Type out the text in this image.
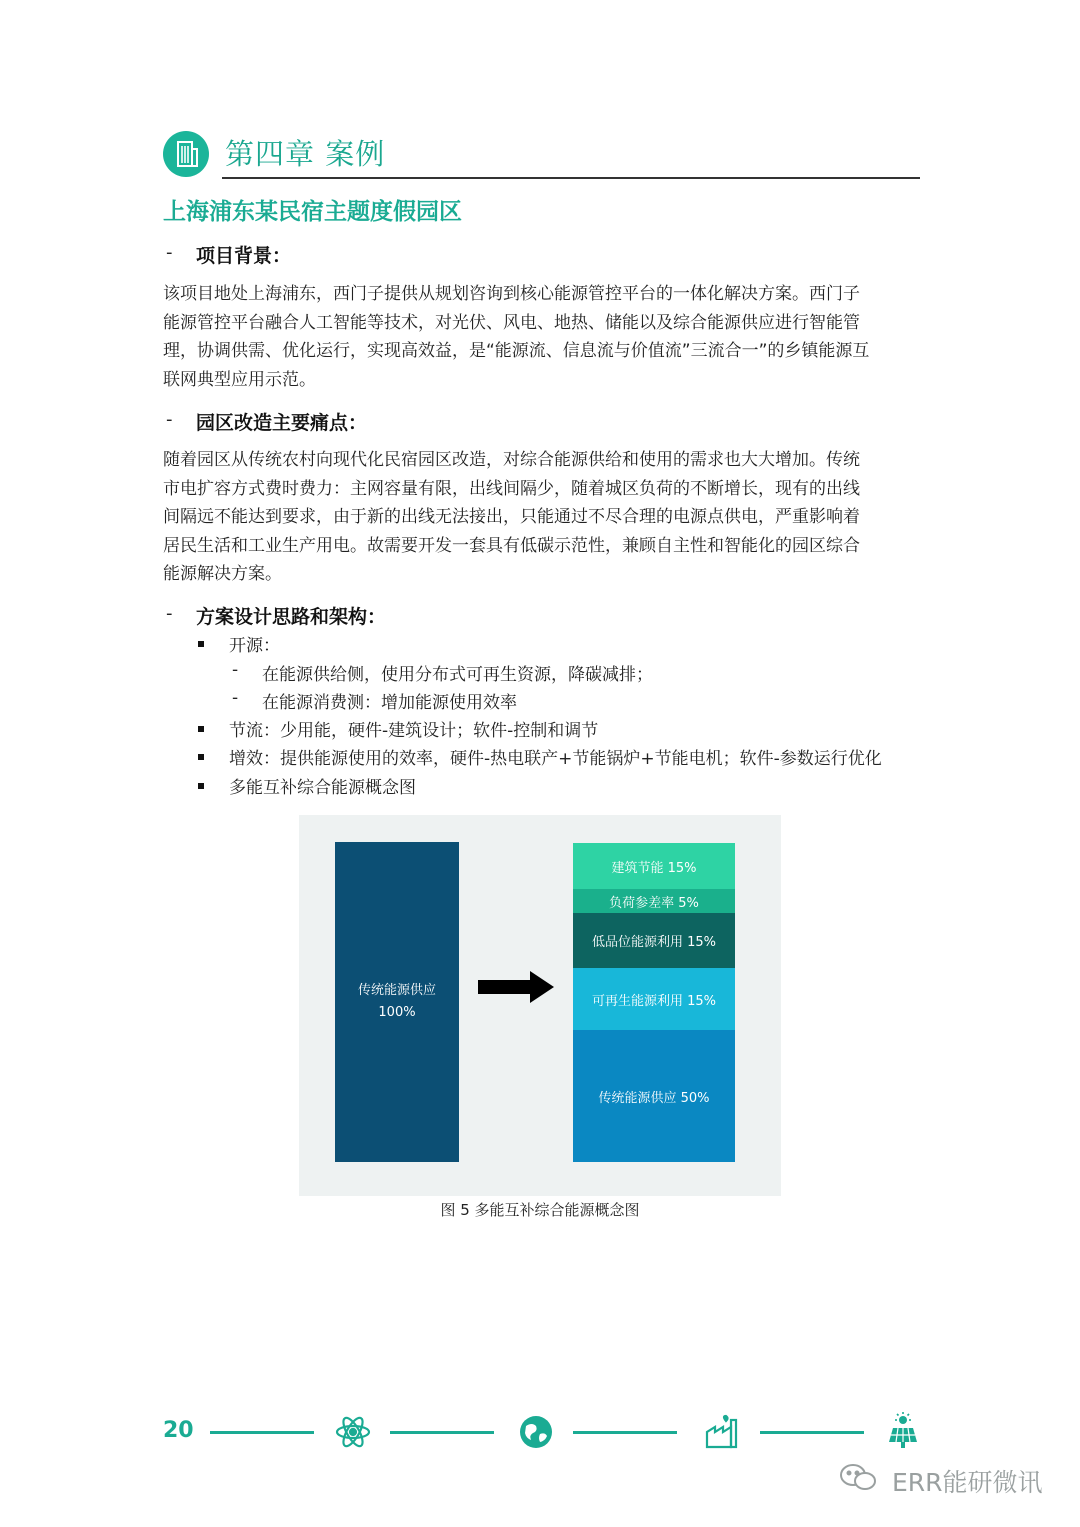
第四章 案例
上海浦东某民宿主题度假园区
- 项目背景：
该项目地处上海浦东，西门子提供从规划咨询到核心能源管控平台的一体化解决方案。西门子
能源管控平台融合人工智能等技术，对光伏、风电、地热、储能以及综合能源供应进行智能管
理，协调供需、优化运行，实现高效益，是“能源流、信息流与价值流”三流合一”的乡镇能源互
联网典型应用示范。
- 园区改造主要痛点：
随着园区从传统农村向现代化民宿园区改造，对综合能源供给和使用的需求也大大增加。传统
市电扩容方式费时费力：主网容量有限，出线间隔少，随着城区负荷的不断增长，现有的出线
间隔远不能达到要求，由于新的出线无法接出，只能通过不尽合理的电源点供电，严重影响着
居民生活和工业生产用电。故需要开发一套具有低碳示范性，兼顾自主性和智能化的园区综合
能源解决方案。
- 方案设计思路和架构：
开源：
- 在能源供给侧，使用分布式可再生资源，降碳减排；
- 在能源消费测：增加能源使用效率
节流：少用能，硬件-建筑设计；软件-控制和调节
增效：提供能源使用的效率，硬件-热电联产+节能锅炉+节能电机；软件-参数运行优化
多能互补综合能源概念图
传统能源供应
100%
建筑节能 15%
负荷参差率 5%
低品位能源利用 15%
可再生能源利用 15%
传统能源供应 50%
图 5 多能互补综合能源概念图
20
ERR能研微讯
